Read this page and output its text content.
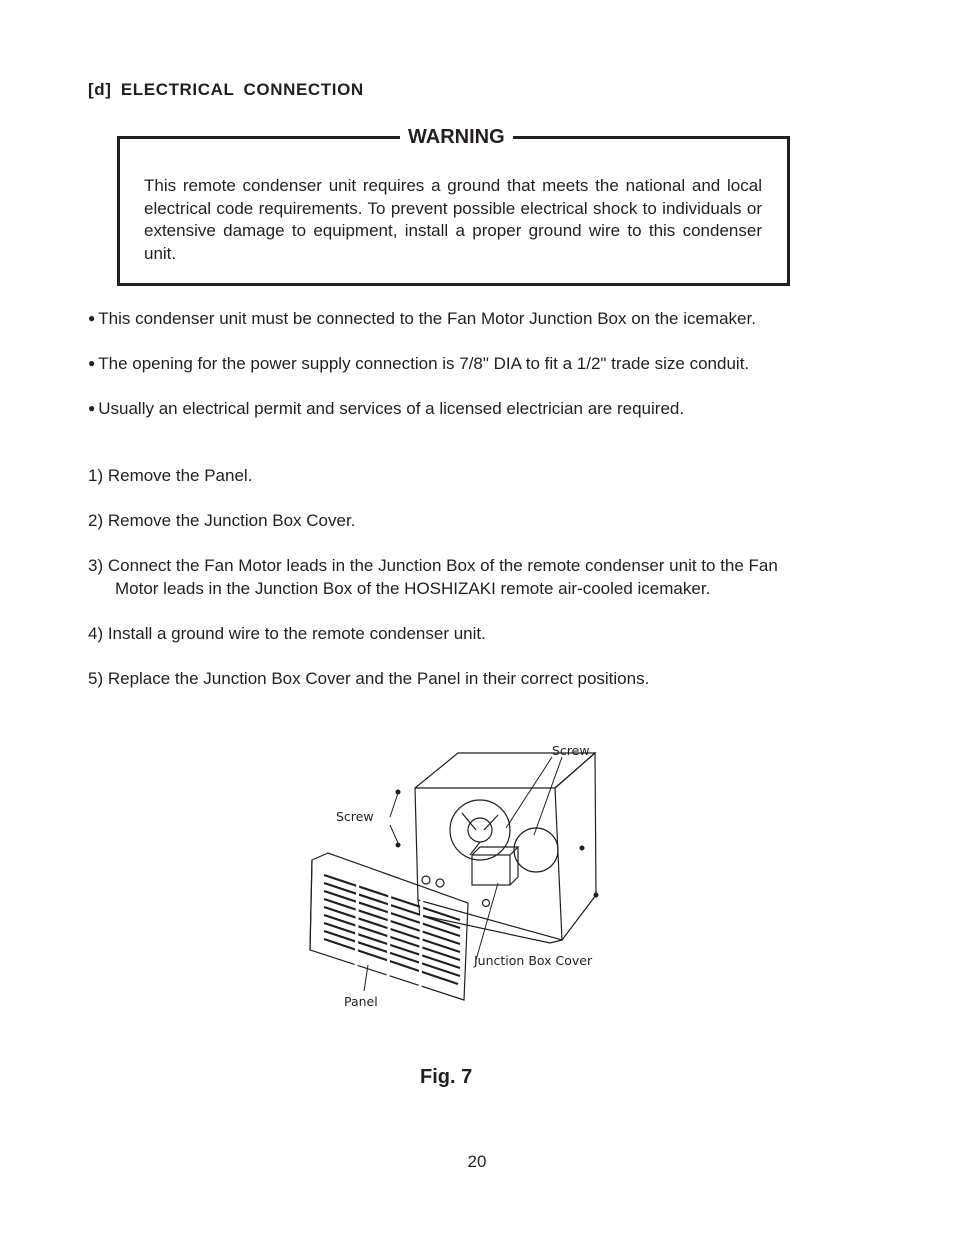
[d] ELECTRICAL CONNECTION
WARNING

This remote condenser unit requires a ground that meets the national and local electrical code requirements. To prevent possible electrical shock to individuals or extensive damage to equipment, install a proper ground wire to this condenser unit.

● This condenser unit must be connected to the Fan Motor Junction Box on the icemaker.
● The opening for the power supply connection is 7/8" DIA to fit a 1/2" trade size conduit.
● Usually an electrical permit and services of a licensed electrician are required.
1) Remove the Panel.
2) Remove the Junction Box Cover.
3) Connect the Fan Motor leads in the Junction Box of the remote condenser unit to the Fan
Motor leads in the Junction Box of the HOSHIZAKI remote air-cooled icemaker.
4) Install a ground wire to the remote condenser unit.
5) Replace the Junction Box Cover and the Panel in their correct positions.
Screw
Screw
Junction Box Cover
Panel
Fig. 7
20
